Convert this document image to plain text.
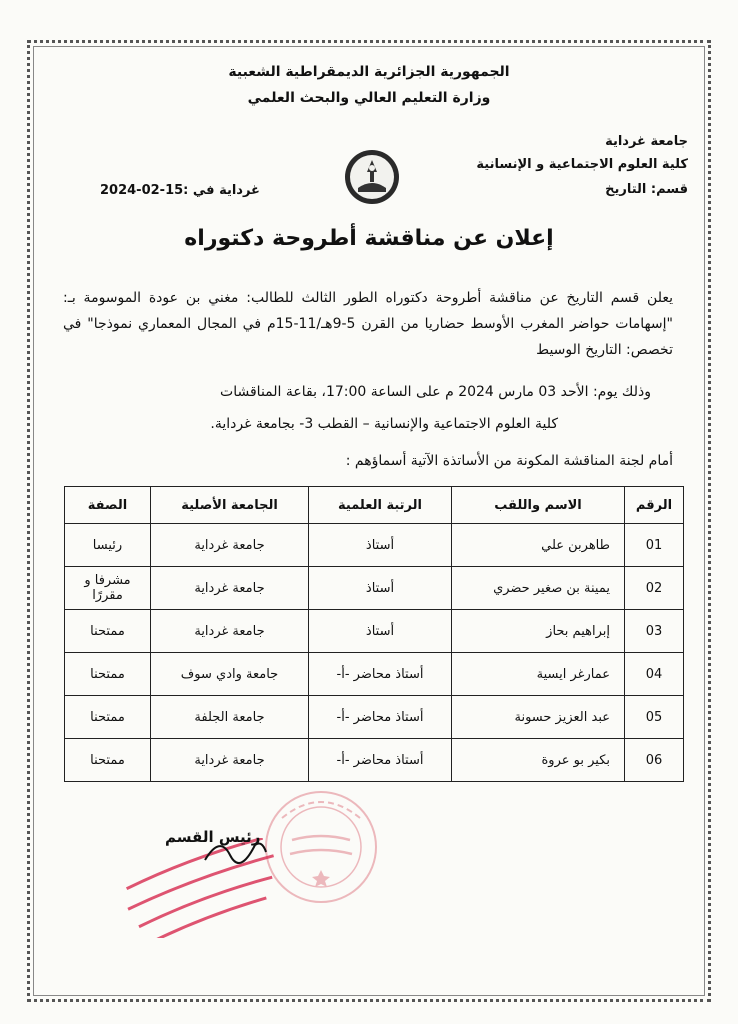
الجمهورية الجزائرية الديمقراطية الشعبية
وزارة التعليم العالي والبحث العلمي
جامعة غرداية
كلية العلوم الاجتماعية و الإنسانية
قسم: التاريخ
غرداية في :2024-02-15
إعلان عن مناقشة أطروحة دكتوراه
يعلن قسم التاريخ عن مناقشة أطروحة دكتوراه الطور الثالث للطالب: مغني بن عودة الموسومة بـ: "إسهامات حواضر المغرب الأوسط حضاريا من القرن 5-9هـ/11-15م في المجال المعماري نموذجا" في تخصص: التاريخ الوسيط
وذلك يوم: الأحد 03 مارس 2024 م على الساعة 17:00، بقاعة المناقشات
كلية العلوم الاجتماعية والإنسانية – القطب 3- بجامعة غرداية.
أمام لجنة المناقشة المكونة من الأساتذة الآتية أسماؤهم :
الرقم	الاسم واللقب	الرتبة العلمية	الجامعة الأصلية	الصفة
01	طاهربن علي	أستاذ	جامعة غرداية	رئيسا
02	يمينة بن صغير حضري	أستاذ	جامعة غرداية	مشرفا و مقررًا
03	إبراهيم بحاز	أستاذ	جامعة غرداية	ممتحنا
04	عمارغر ايسية	أستاذ محاضر -أ-	جامعة وادي سوف	ممتحنا
05	عبد العزيز حسونة	أستاذ محاضر -أ-	جامعة الجلفة	ممتحنا
06	بكير بو عروة	أستاذ محاضر -أ-	جامعة غرداية	ممتحنا
رئيس القسم
